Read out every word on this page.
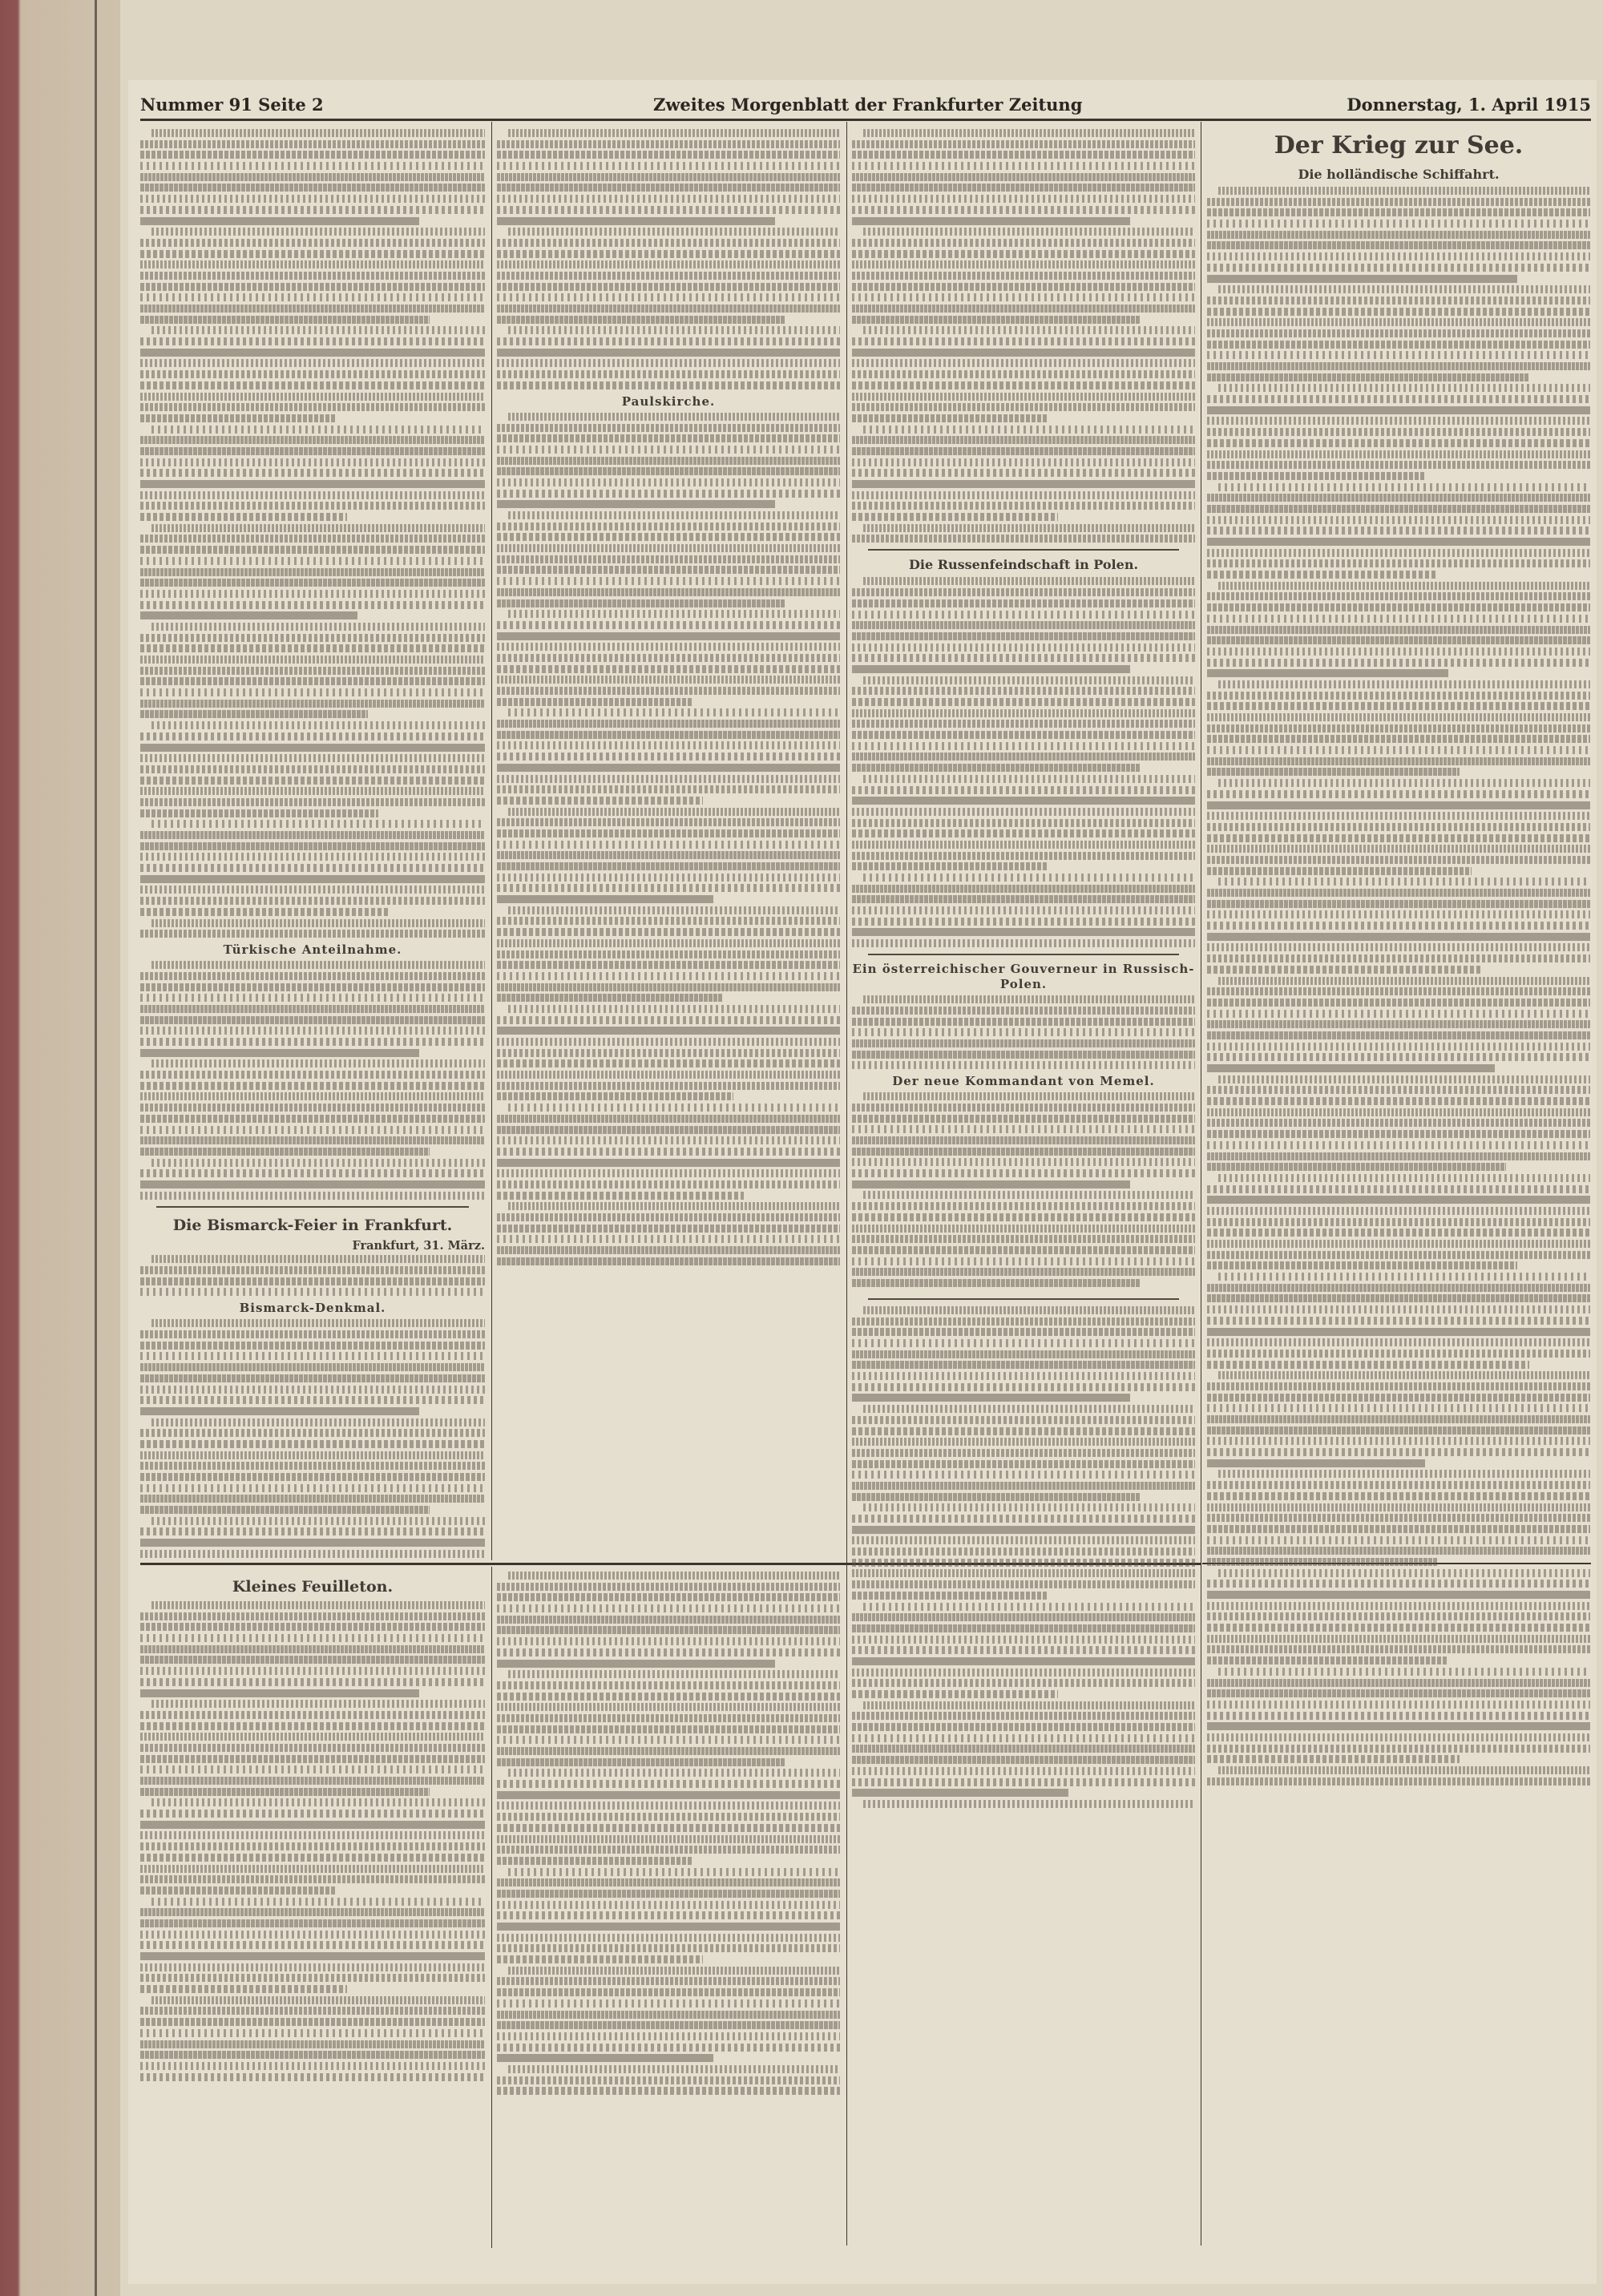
Nummer 91 Seite 2	Zweites Morgenblatt der Frankfurter Zeitung	Donnerstag, 1. April 1915
Türkische Anteilnahme.
Die Bismarck-Feier in Frankfurt.

Frankfurt, 31. März.

Bismarck-Denkmal.
Paulskirche.
Die Russenfeindschaft in Polen.
Ein österreichischer Gouverneur in Russisch-Polen.
Der neue Kommandant von Memel.
Der Krieg zur See.
Die holländische Schiffahrt.
Kleines Feuilleton.
